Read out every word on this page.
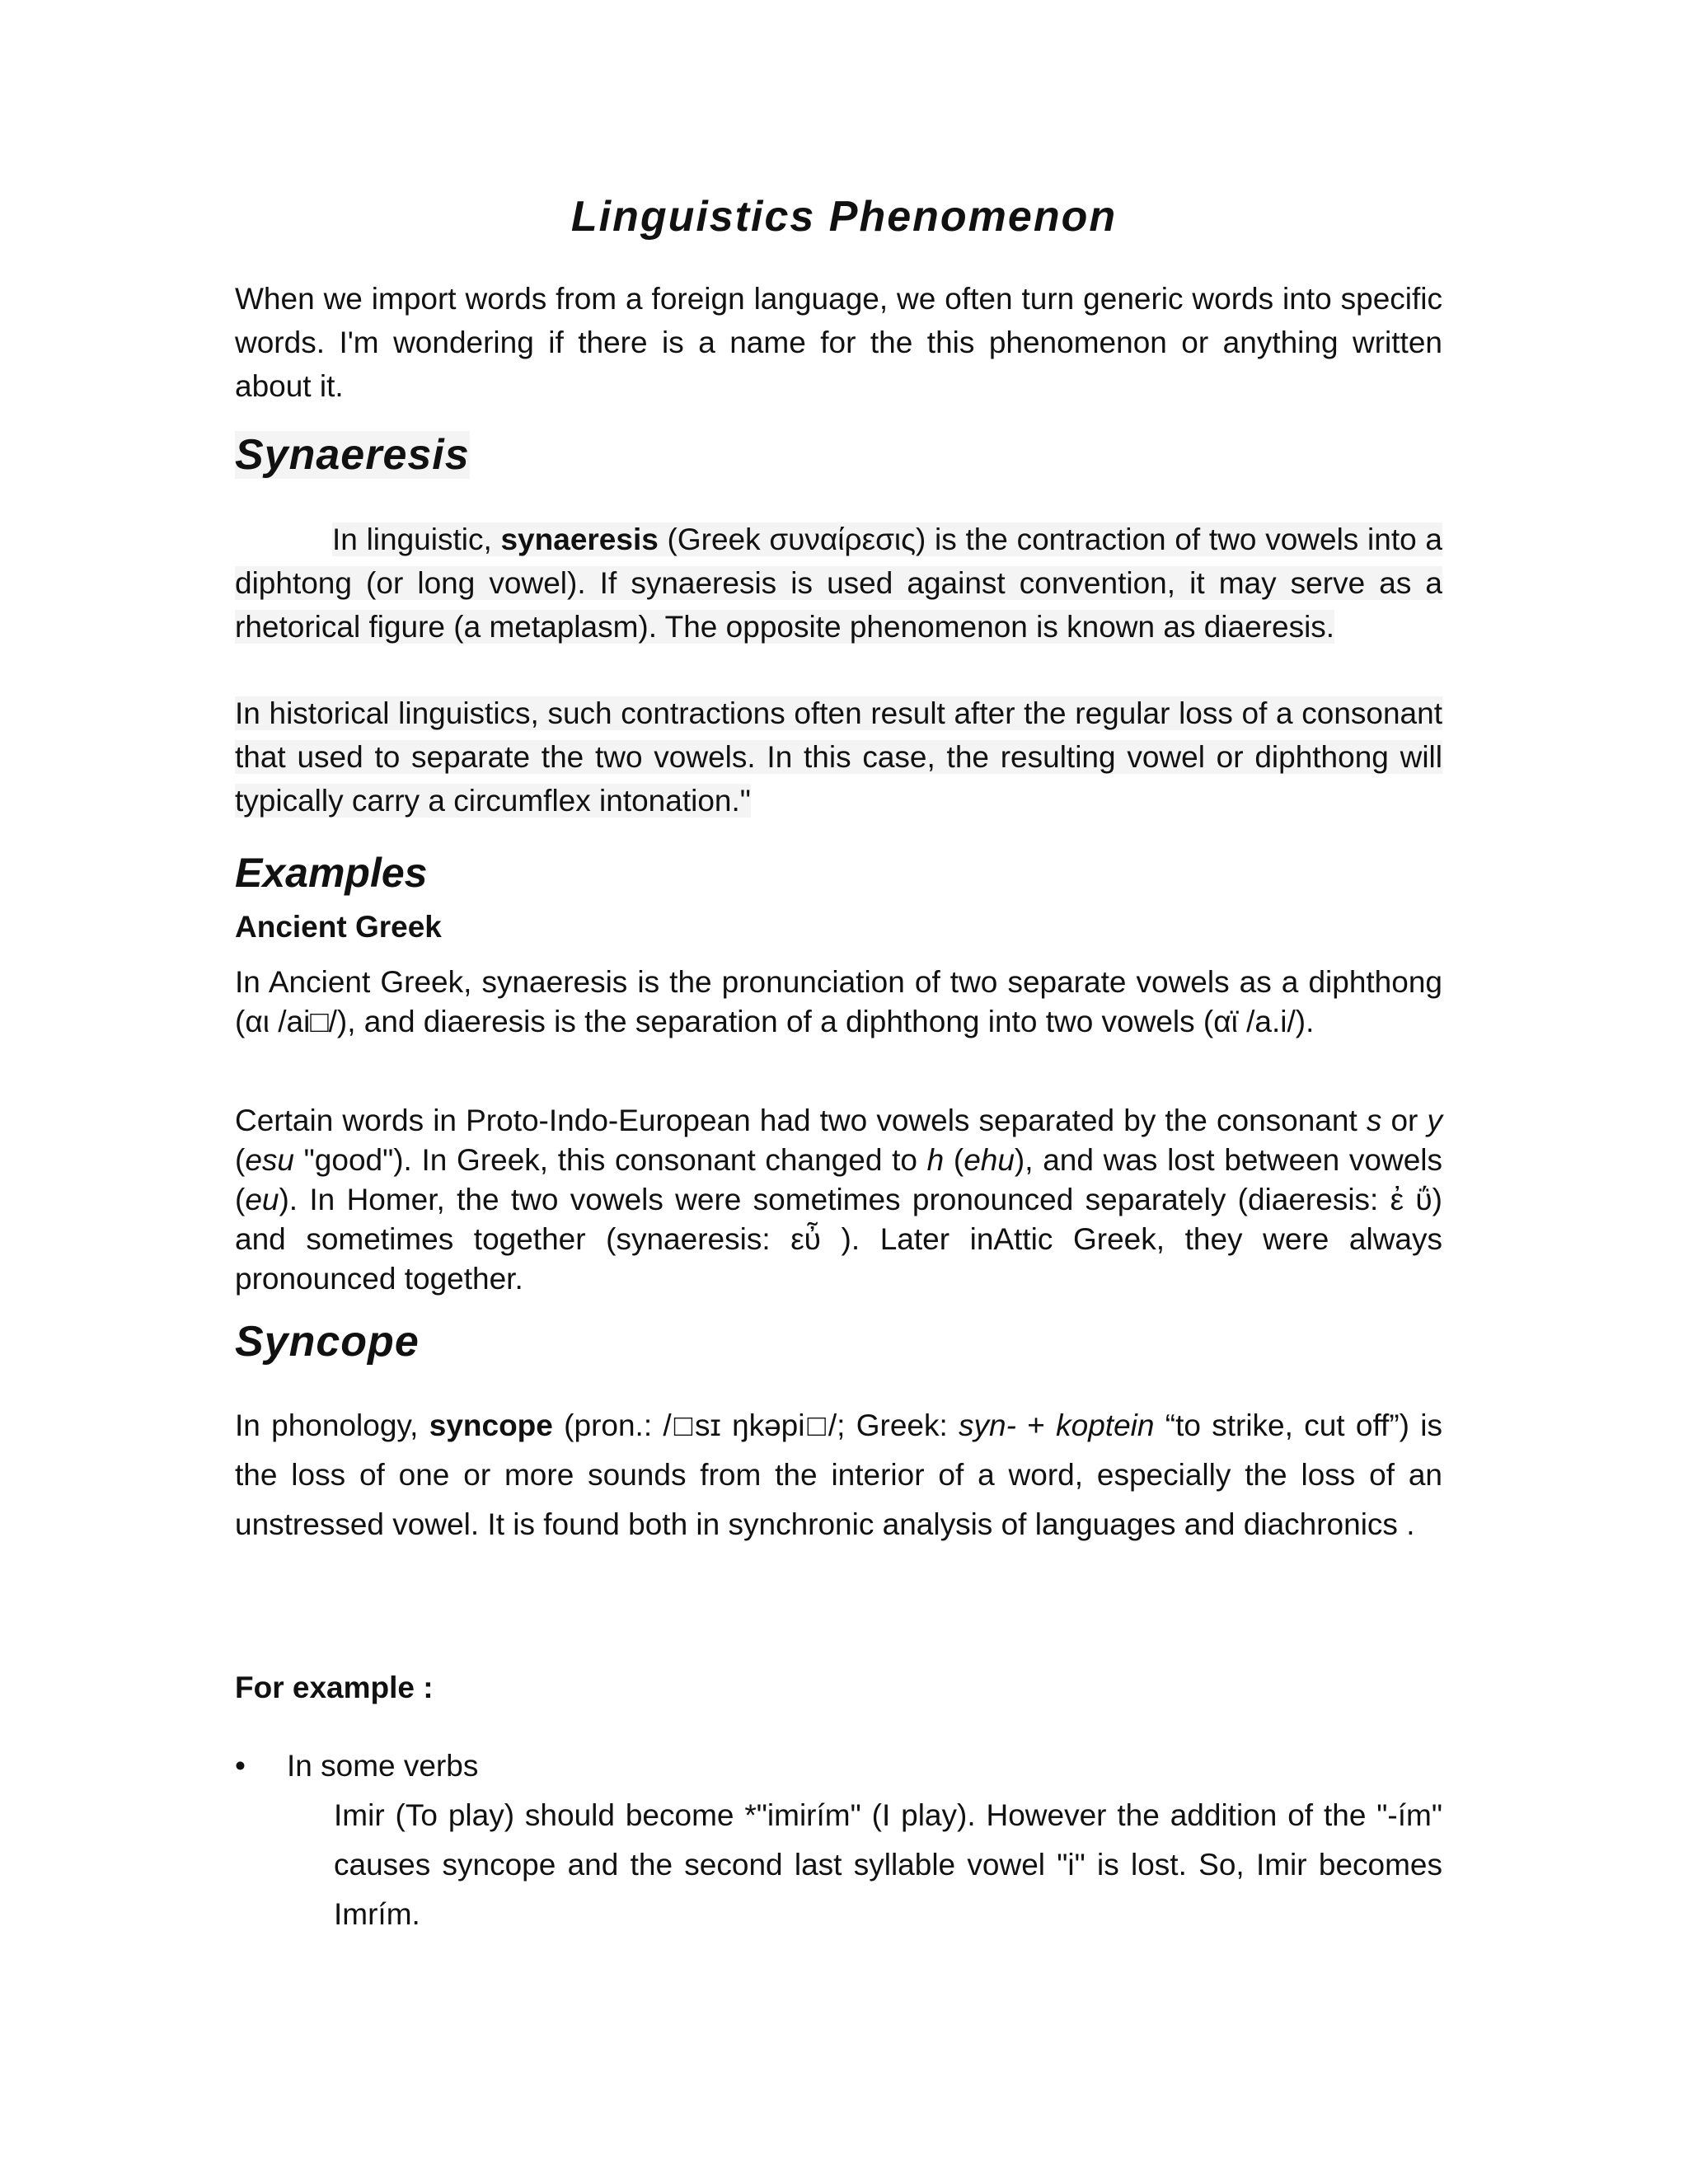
Linguistics Phenomenon

When we import words from a foreign language, we often turn generic words into specific words. I'm wondering if there is a name for the this phenomenon or anything written about it.

Synaeresis

In linguistic, synaeresis (Greek συναίρεσις) is the contraction of two vowels into a diphtong (or long vowel). If synaeresis is used against convention, it may serve as a rhetorical figure (a metaplasm). The opposite phenomenon is known as diaeresis.

In historical linguistics, such contractions often result after the regular loss of a consonant that used to separate the two vowels. In this case, the resulting vowel or diphthong will typically carry a circumflex intonation."

Examples
Ancient Greek

In Ancient Greek, synaeresis is the pronunciation of two separate vowels as a diphthong (αι /ai□/), and diaeresis is the separation of a diphthong into two vowels (αϊ /a.i/).

Certain words in Proto-Indo-European had two vowels separated by the consonant s or y (esu "good"). In Greek, this consonant changed to h (ehu), and was lost between vowels (eu). In Homer, the two vowels were sometimes pronounced separately (diaeresis: ἐ ΰ) and sometimes together (synaeresis: εὖ ). Later inAttic Greek, they were always pronounced together.

Syncope

In phonology, syncope (pron.: /□sɪ ŋkəpi□/; Greek: syn- + koptein “to strike, cut off”) is the loss of one or more sounds from the interior of a word, especially the loss of an unstressed vowel. It is found both in synchronic analysis of languages and diachronics .

For example :
• In some verbs

Imir (To play) should become *"imirím" (I play). However the addition of the "-ím" causes syncope and the second last syllable vowel "i" is lost. So, Imir becomes Imrím.
